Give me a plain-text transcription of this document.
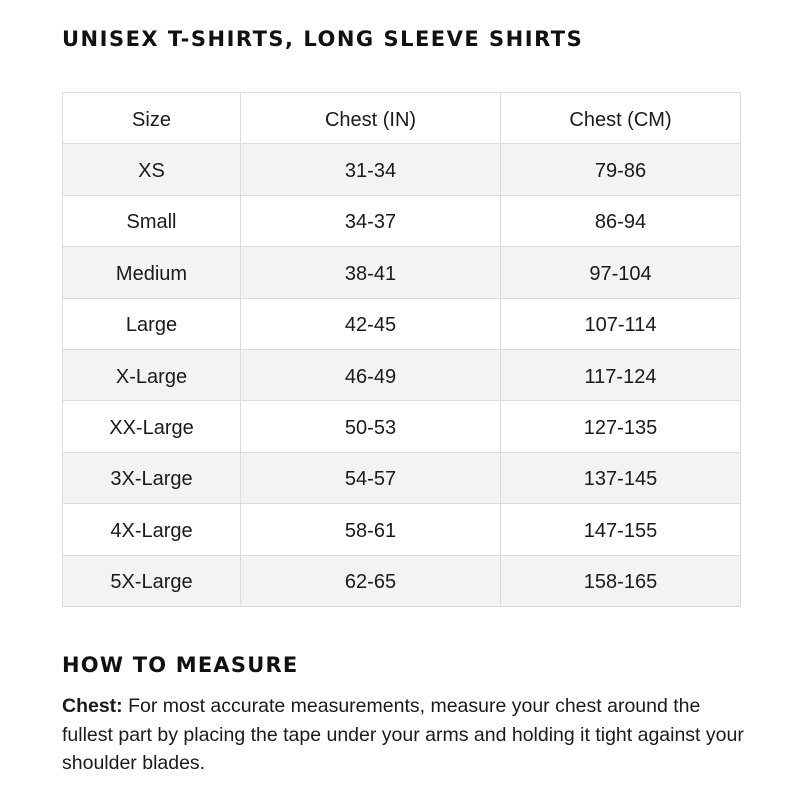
UNISEX T-SHIRTS, LONG SLEEVE SHIRTS
Size	Chest (IN)	Chest (CM)
XS	31-34	79-86
Small	34-37	86-94
Medium	38-41	97-104
Large	42-45	107-114
X-Large	46-49	117-124
XX-Large	50-53	127-135
3X-Large	54-57	137-145
4X-Large	58-61	147-155
5X-Large	62-65	158-165
HOW TO MEASURE

Chest: For most accurate measurements, measure your chest around the fullest part by placing the tape under your arms and holding it tight against your shoulder blades.
